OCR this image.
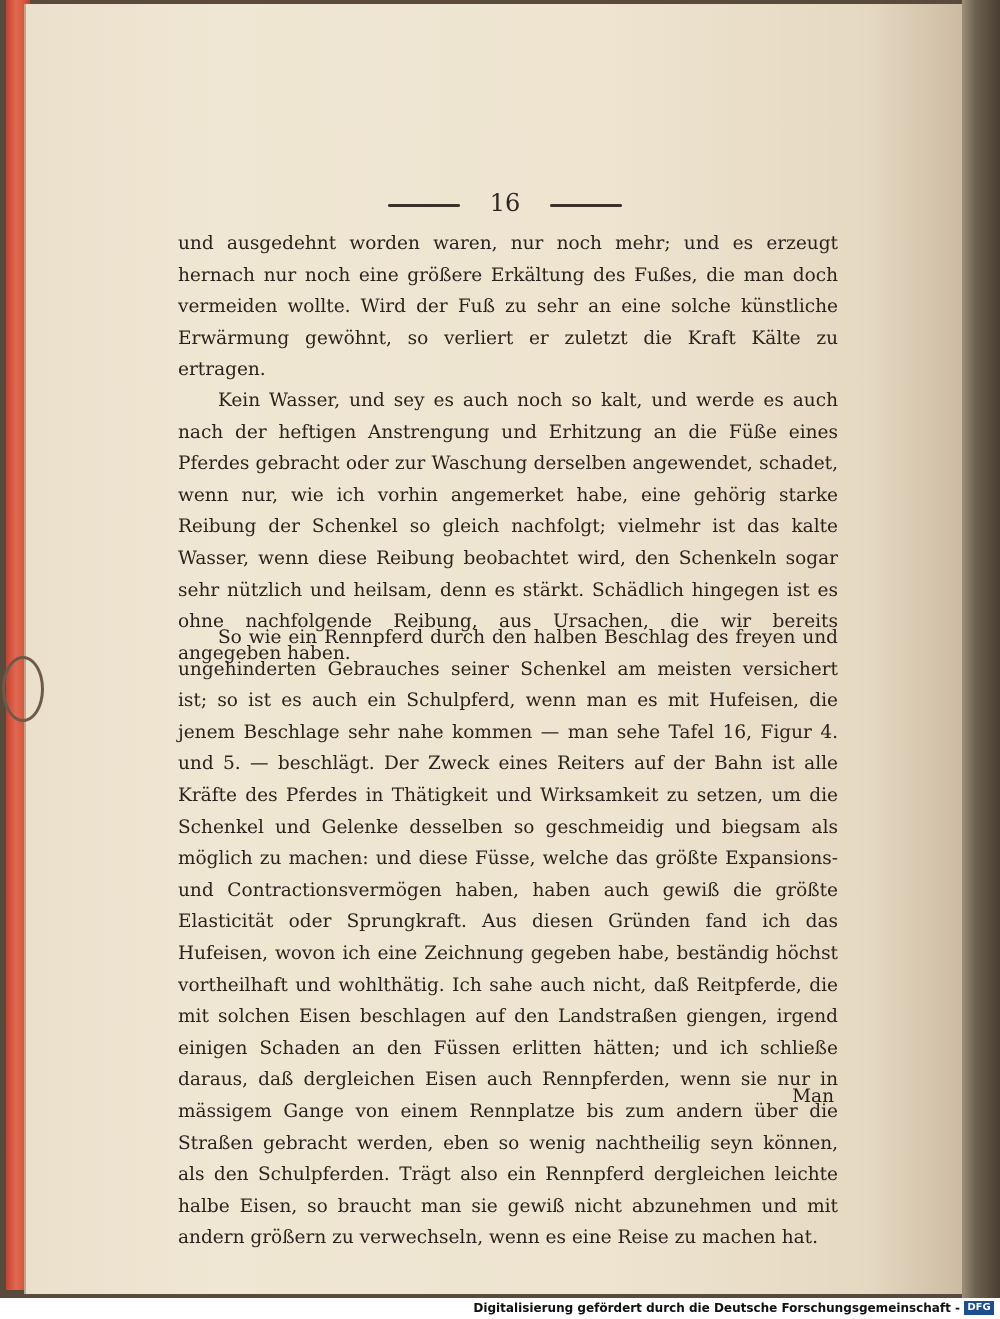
16

und ausgedehnt worden waren, nur noch mehr; und es erzeugt hernach nur noch eine größere Erkältung des Fußes, die man doch vermeiden wollte. Wird der Fuß zu sehr an eine solche künstliche Erwärmung gewöhnt, so verliert er zuletzt die Kraft Kälte zu ertragen.

Kein Wasser, und sey es auch noch so kalt, und werde es auch nach der heftigen Anstrengung und Erhitzung an die Füße eines Pferdes gebracht oder zur Waschung derselben angewendet, schadet, wenn nur, wie ich vorhin angemerket habe, eine gehörig starke Reibung der Schenkel so gleich nachfolgt; vielmehr ist das kalte Wasser, wenn diese Reibung beobachtet wird, den Schenkeln sogar sehr nützlich und heilsam, denn es stärkt. Schädlich hingegen ist es ohne nachfolgende Reibung, aus Ursachen, die wir bereits angegeben haben.

So wie ein Rennpferd durch den halben Beschlag des freyen und ungehinderten Gebrauches seiner Schenkel am meisten versichert ist; so ist es auch ein Schulpferd, wenn man es mit Hufeisen, die jenem Beschlage sehr nahe kommen — man sehe Tafel 16, Figur 4. und 5. — beschlägt. Der Zweck eines Reiters auf der Bahn ist alle Kräfte des Pferdes in Thätigkeit und Wirksamkeit zu setzen, um die Schenkel und Gelenke desselben so geschmeidig und biegsam als möglich zu machen: und diese Füsse, welche das größte Expansions- und Contractionsvermögen haben, haben auch gewiß die größte Elasticität oder Sprungkraft. Aus diesen Gründen fand ich das Hufeisen, wovon ich eine Zeichnung gegeben habe, beständig höchst vortheilhaft und wohlthätig. Ich sahe auch nicht, daß Reitpferde, die mit solchen Eisen beschlagen auf den Landstraßen giengen, irgend einigen Schaden an den Füssen erlitten hätten; und ich schließe daraus, daß dergleichen Eisen auch Rennpferden, wenn sie nur in mässigem Gange von einem Rennplatze bis zum andern über die Straßen gebracht werden, eben so wenig nachtheilig seyn können, als den Schulpferden. Trägt also ein Rennpferd dergleichen leichte halbe Eisen, so braucht man sie gewiß nicht abzunehmen und mit andern größern zu verwechseln, wenn es eine Reise zu machen hat.

Man
Digitalisierung gefördert durch die Deutsche Forschungsgemeinschaft - DFG
